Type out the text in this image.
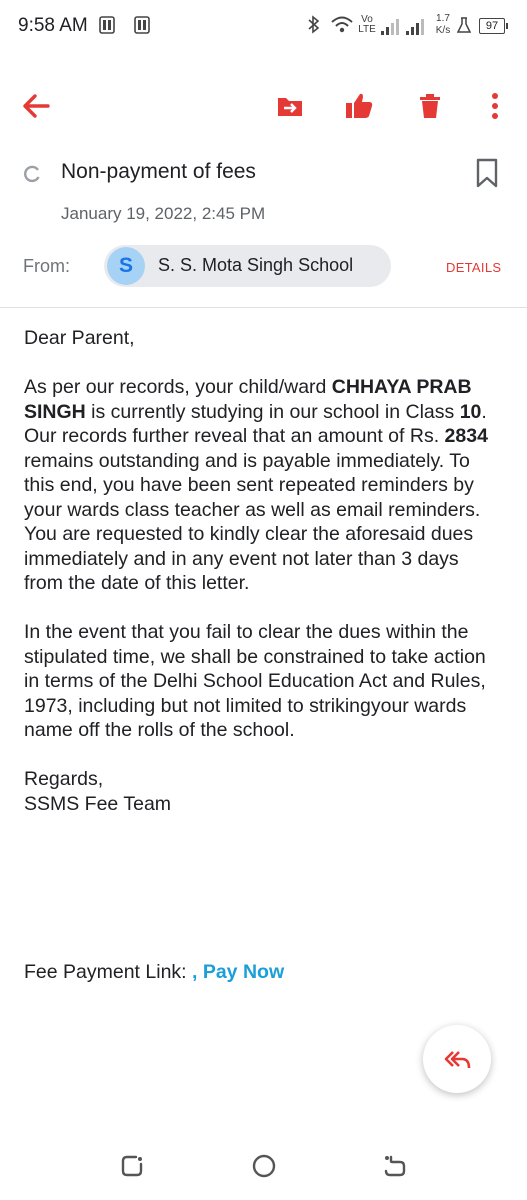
9:58 AM	Vo LTE
1.7
K/s	97
Non-payment of fees
January 19, 2022, 2:45 PM
From:	S	S. S. Mota Singh School	DETAILS

Dear Parent,

As per our records, your child/ward CHHAYA PRAB SINGH is currently studying in our school in Class 10. Our records further reveal that an amount of Rs. 2834 remains outstanding and is payable immediately. To this end, you have been sent repeated reminders by your wards class teacher as well as email reminders. You are requested to kindly clear the aforesaid dues immediately and in any event not later than 3 days from the date of this letter.

In the event that you fail to clear the dues within the stipulated time, we shall be constrained to take action in terms of the Delhi School Education Act and Rules, 1973, including but not limited to strikingyour wards name off the rolls of the school.

Regards,

SSMS Fee Team

Fee Payment Link: , Pay Now
